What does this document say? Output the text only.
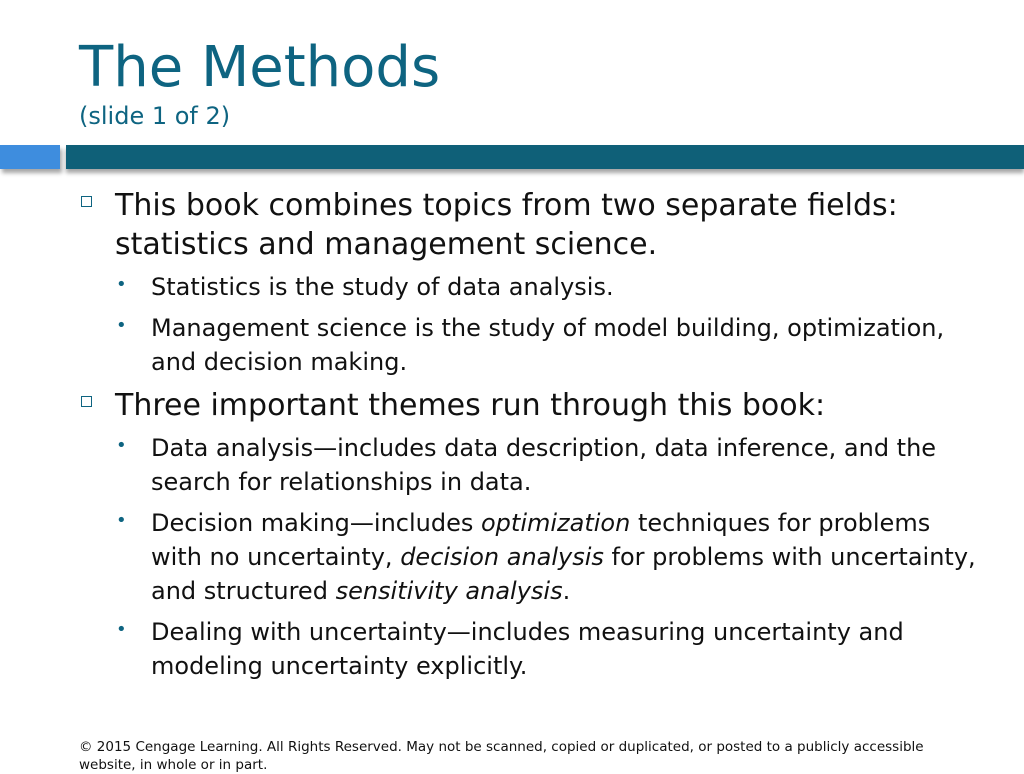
The Methods
(slide 1 of 2)
This book combines topics from two separate fields: statistics and management science.
• Statistics is the study of data analysis.
• Management science is the study of model building, optimization, and decision making.
Three important themes run through this book:
• Data analysis—includes data description, data inference, and the search for relationships in data.
• Decision making—includes optimization techniques for problems with no uncertainty, decision analysis for problems with uncertainty, and structured sensitivity analysis.
• Dealing with uncertainty—includes measuring uncertainty and modeling uncertainty explicitly.
© 2015 Cengage Learning. All Rights Reserved. May not be scanned, copied or duplicated, or posted to a publicly accessible website, in whole or in part.
